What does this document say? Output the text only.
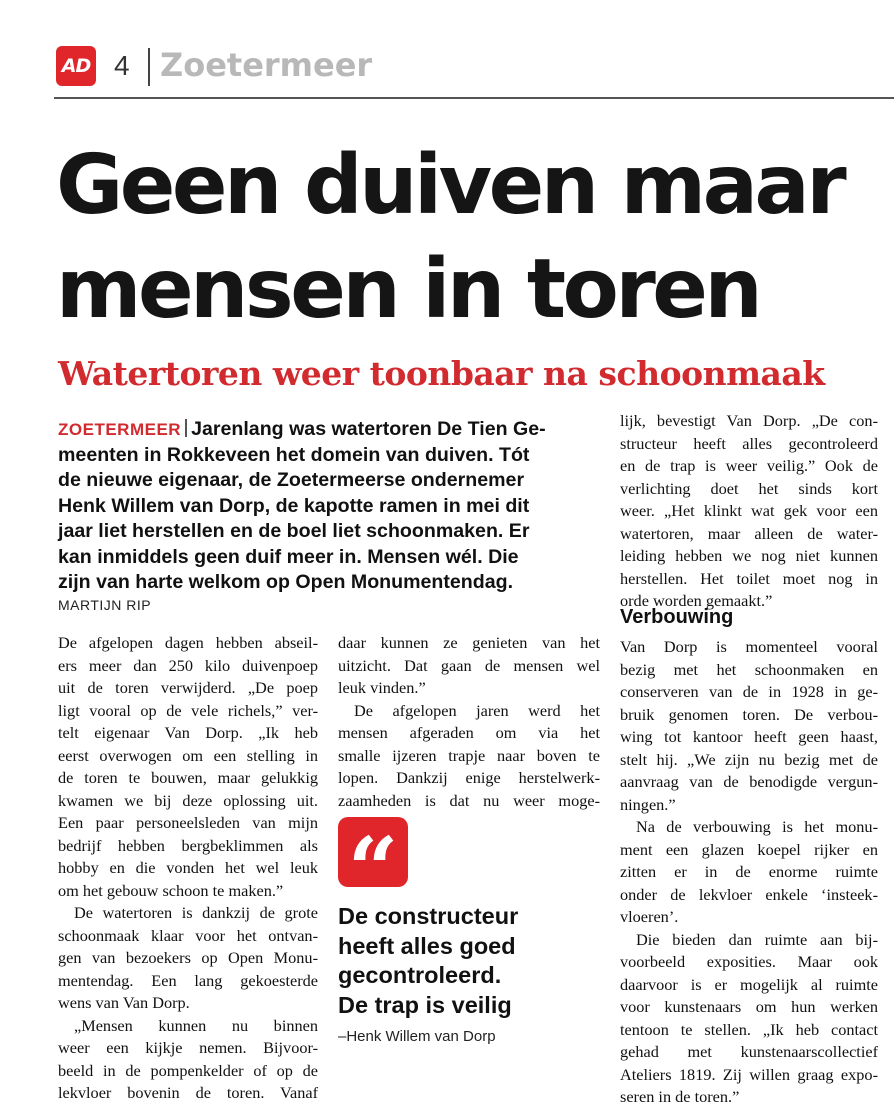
AD 4 Zoetermeer
Geen duiven maar
mensen in toren
Watertoren weer toonbaar na schoonmaak
ZOETERMEER Jarenlang was watertoren De Tien Ge-
meenten in Rokkeveen het domein van duiven. Tót
de nieuwe eigenaar, de Zoetermeerse ondernemer
Henk Willem van Dorp, de kapotte ramen in mei dit
jaar liet herstellen en de boel liet schoonmaken. Er
kan inmiddels geen duif meer in. Mensen wél. Die
zijn van harte welkom op Open Monumentendag.
MARTIJN RIP
De afgelopen dagen hebben abseil-
ers meer dan 250 kilo duivenpoep
uit de toren verwijderd. „De poep
ligt vooral op de vele richels,” ver-
telt eigenaar Van Dorp. „Ik heb
eerst overwogen om een stelling in
de toren te bouwen, maar gelukkig
kwamen we bij deze oplossing uit.
Een paar personeelsleden van mijn
bedrijf hebben bergbeklimmen als
hobby en die vonden het wel leuk
om het gebouw schoon te maken.”
De watertoren is dankzij de grote
schoonmaak klaar voor het ontvan-
gen van bezoekers op Open Monu-
mentendag. Een lang gekoesterde
wens van Van Dorp.
„Mensen kunnen nu binnen
weer een kijkje nemen. Bijvoor-
beeld in de pompenkelder of op de
lekvloer bovenin de toren. Vanaf
daar kunnen ze genieten van het
uitzicht. Dat gaan de mensen wel
leuk vinden.”
De afgelopen jaren werd het
mensen afgeraden om via het
smalle ijzeren trapje naar boven te
lopen. Dankzij enige herstelwerk-
zaamheden is dat nu weer moge-
“
De constructeur
heeft alles goed
gecontroleerd.
De trap is veilig
–Henk Willem van Dorp
lijk, bevestigt Van Dorp. „De con-
structeur heeft alles gecontroleerd
en de trap is weer veilig.” Ook de
verlichting doet het sinds kort
weer. „Het klinkt wat gek voor een
watertoren, maar alleen de water-
leiding hebben we nog niet kunnen
herstellen. Het toilet moet nog in
orde worden gemaakt.”
Verbouwing
Van Dorp is momenteel vooral
bezig met het schoonmaken en
conserveren van de in 1928 in ge-
bruik genomen toren. De verbou-
wing tot kantoor heeft geen haast,
stelt hij. „We zijn nu bezig met de
aanvraag van de benodigde vergun-
ningen.”
Na de verbouwing is het monu-
ment een glazen koepel rijker en
zitten er in de enorme ruimte
onder de lekvloer enkele ‘insteek-
vloeren’.
Die bieden dan ruimte aan bij-
voorbeeld exposities. Maar ook
daarvoor is er mogelijk al ruimte
voor kunstenaars om hun werken
tentoon te stellen. „Ik heb contact
gehad met kunstenaarscollectief
Ateliers 1819. Zij willen graag expo-
seren in de toren.”
